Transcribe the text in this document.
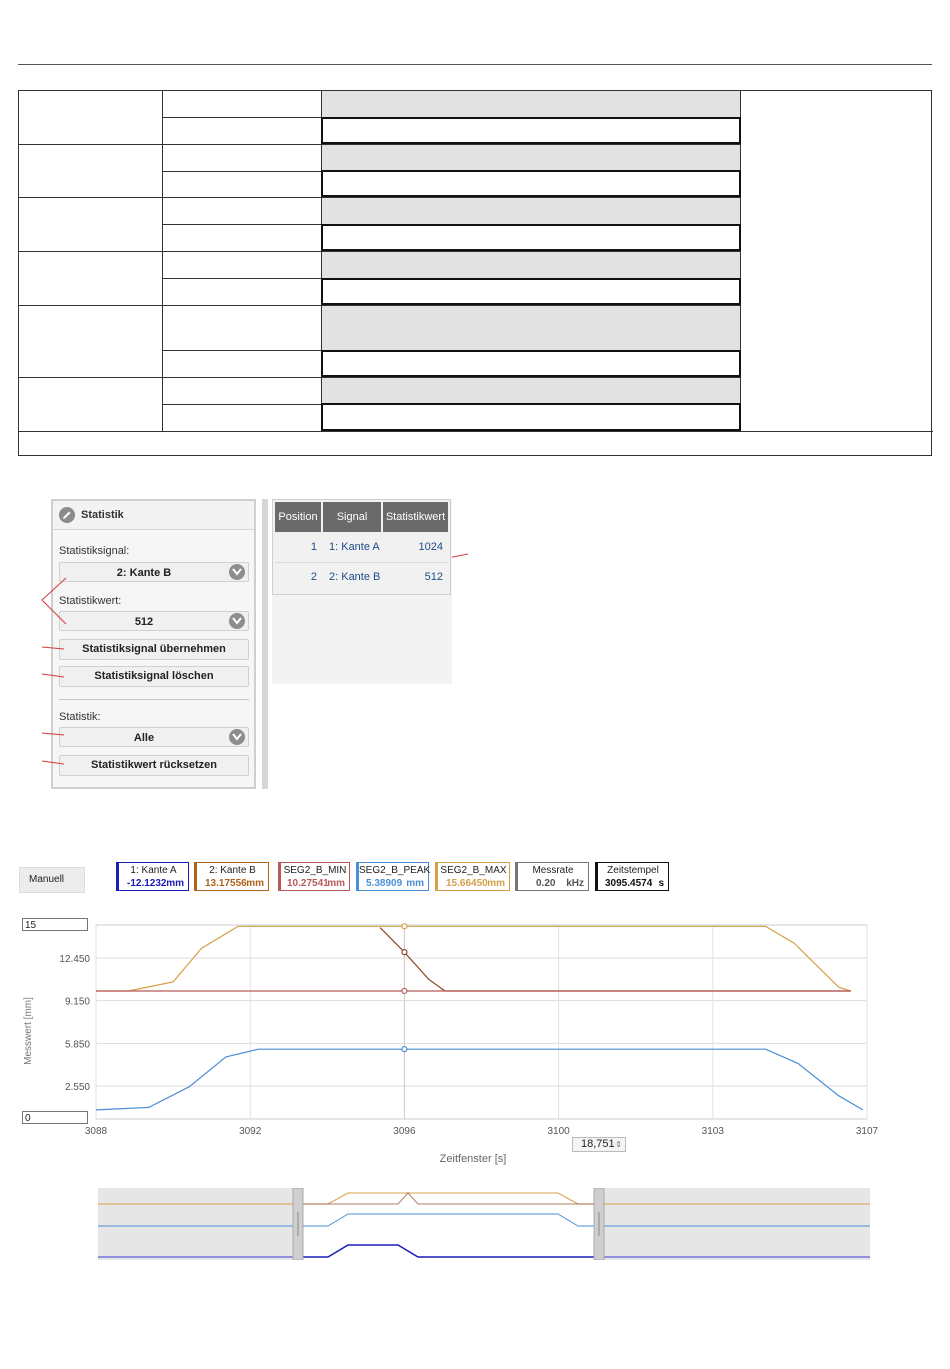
Statistik
Statistiksignal:
2: Kante B
Statistikwert:
512
Statistiksignal übernehmen
Statistiksignal löschen
Statistik:
Alle
Statistikwert rücksetzen
Position	Signal	Statistikwert
1 1: Kante A	1024
2 2: Kante B	512
Manuell
1: Kante A
-12.1232 mm
2: Kante B
13.17556 mm
SEG2_B_MIN
10.27541
mm
SEG2_B_PEAK
5.38909 mm
SEG2_B_MAX
15.66450 mm
Messrate
0.20 kHz
Zeitstempel
3095.4574 s
3088	3092	3096	3100	3103	3107
2.550
5.850
9.150
12.450
Messwert [mm]
Zeitfenster [s]
15
0
18,751 ⇕
